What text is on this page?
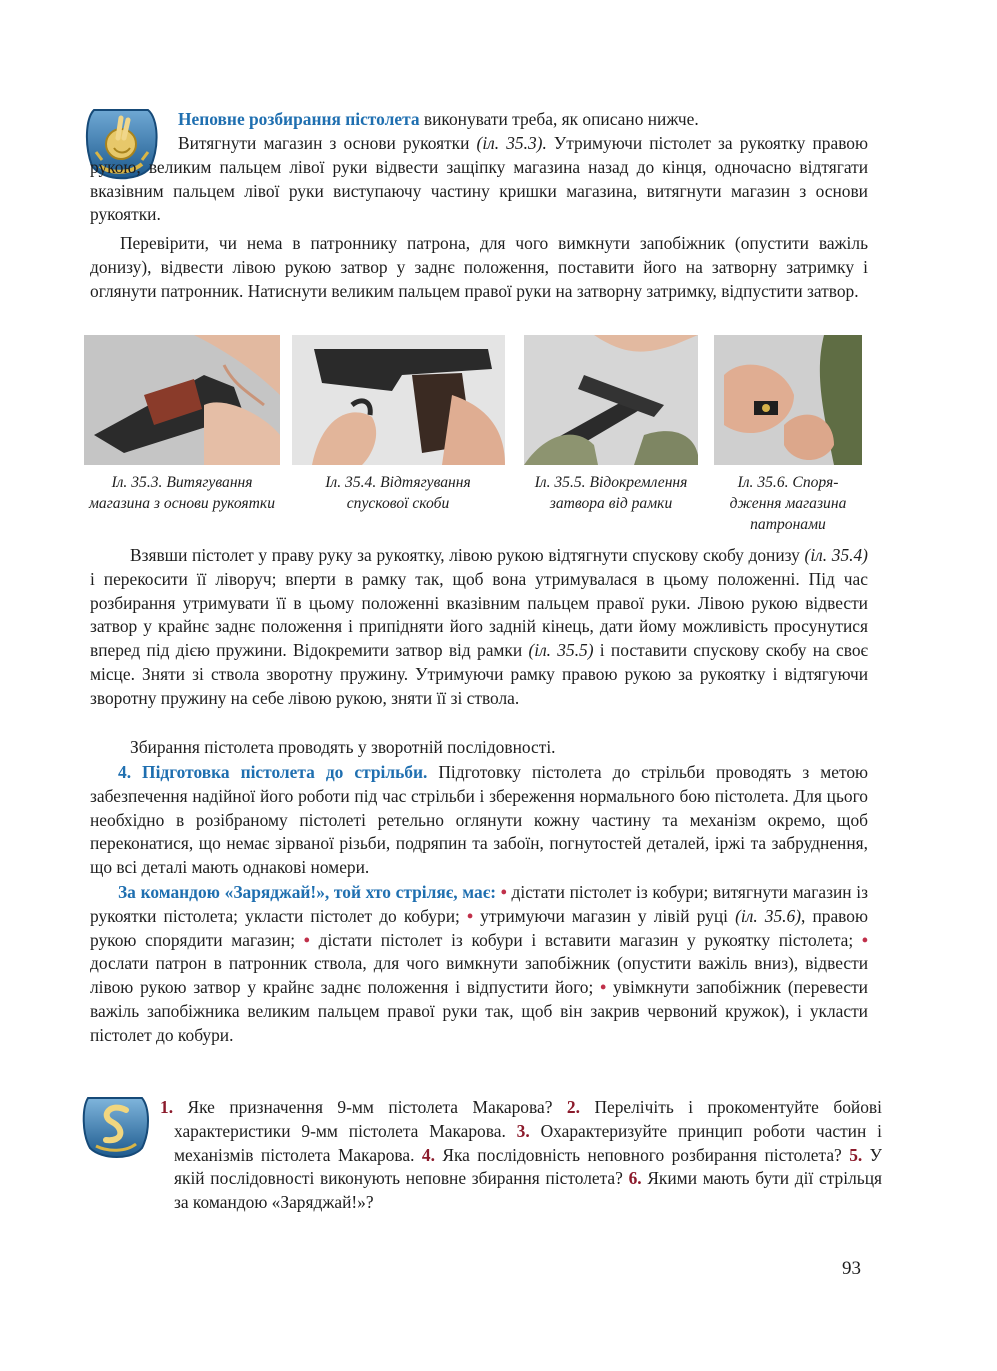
Неповне розбирання пістолета виконувати треба, як описано нижче.

Витягнути магазин з основи рукоятки (іл. 35.3). Утримуючи пістолет за рукоятку правою рукою, великим пальцем лівої руки відвести защіпку магазина назад до кінця, одночасно відтягати вказівним пальцем лівої руки виступаючу частину кришки магазина, витягнути магазин з основи рукоятки.

Перевірити, чи нема в патроннику патрона, для чого вимкнути запобіжник (опустити важіль донизу), відвести лівою рукою затвор у заднє положення, поставити його на затворну затримку і оглянути патронник. Натиснути великим пальцем правої руки на затворну затримку, відпустити затвор.

Іл. 35.3. Витягування магазина з основи рукоятки
Іл. 35.4. Відтягування спускової скоби
Іл. 35.5. Відокремлення затвора від рамки
Іл. 35.6. Споря-дження магазина патронами

Взявши пістолет у праву руку за рукоятку, лівою рукою відтягнути спускову скобу донизу (іл. 35.4) і перекосити її ліворуч; вперти в рамку так, щоб вона утримувалася в цьому положенні. Під час розбирання утримувати її в цьому положенні вказівним пальцем правої руки. Лівою рукою відвести затвор у крайнє заднє положення і припідняти його задній кінець, дати йому можливість просунутися вперед під дією пружини. Відокремити затвор від рамки (іл. 35.5) і поставити спускову скобу на своє місце. Зняти зі ствола зворотну пружину. Утримуючи рамку правою рукою за рукоятку і відтягуючи зворотну пружину на себе лівою рукою, зняти її зі ствола.

Збирання пістолета проводять у зворотній послідовності.

4. Підготовка пістолета до стрільби. Підготовку пістолета до стрільби проводять з метою забезпечення надійної його роботи під час стрільби і збереження нормального бою пістолета. Для цього необхідно в розібраному пістолеті ретельно оглянути кожну частину та механізм окремо, щоб переконатися, що немає зірваної різьби, подряпин та забоїн, погнутостей деталей, іржі та забруднення, що всі деталі мають однакові номери.

За командою «Заряджай!», той хто стріляє, має: • дістати пістолет із кобури; витягнути магазин із рукоятки пістолета; укласти пістолет до кобури; • утримуючи магазин у лівій руці (іл. 35.6), правою рукою спорядити магазин; • дістати пістолет із кобури і вставити магазин у рукоятку пістолета; • дослати патрон в патронник ствола, для чого вимкнути запобіжник (опустити важіль вниз), відвести лівою рукою затвор у крайнє заднє положення і відпустити його; • увімкнути запобіжник (перевести важіль запобіжника великим пальцем правої руки так, щоб він закрив червоний кружок), і укласти пістолет до кобури.

1. Яке призначення 9-мм пістолета Макарова? 2. Перелічіть і прокоментуйте бойові характеристики 9-мм пістолета Макарова. 3. Охарактеризуйте принцип роботи частин і механізмів пістолета Макарова. 4. Яка послідовність неповного розбирання пістолета? 5. У якій послідовності виконують неповне збирання пістолета? 6. Якими мають бути дії стрільця за командою «Заряджай!»?

93
